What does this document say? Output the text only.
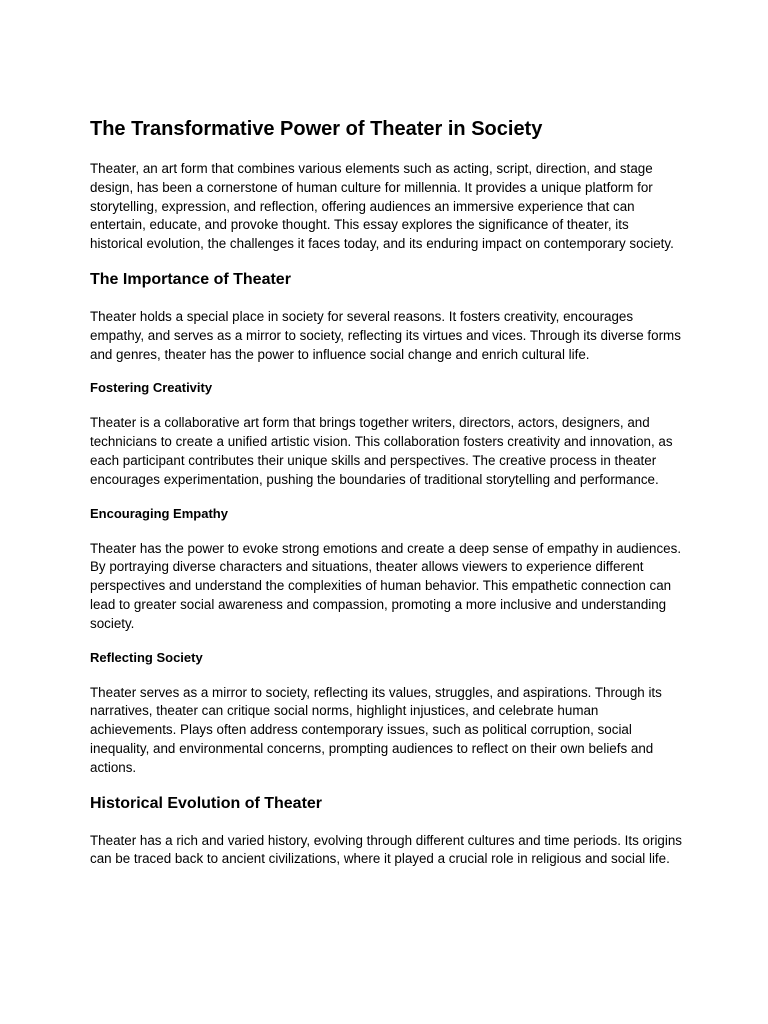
The Transformative Power of Theater in Society

Theater, an art form that combines various elements such as acting, script, direction, and stage design, has been a cornerstone of human culture for millennia. It provides a unique platform for storytelling, expression, and reflection, offering audiences an immersive experience that can entertain, educate, and provoke thought. This essay explores the significance of theater, its historical evolution, the challenges it faces today, and its enduring impact on contemporary society.

The Importance of Theater

Theater holds a special place in society for several reasons. It fosters creativity, encourages empathy, and serves as a mirror to society, reflecting its virtues and vices. Through its diverse forms and genres, theater has the power to influence social change and enrich cultural life.

Fostering Creativity

Theater is a collaborative art form that brings together writers, directors, actors, designers, and technicians to create a unified artistic vision. This collaboration fosters creativity and innovation, as each participant contributes their unique skills and perspectives. The creative process in theater encourages experimentation, pushing the boundaries of traditional storytelling and performance.

Encouraging Empathy

Theater has the power to evoke strong emotions and create a deep sense of empathy in audiences. By portraying diverse characters and situations, theater allows viewers to experience different perspectives and understand the complexities of human behavior. This empathetic connection can lead to greater social awareness and compassion, promoting a more inclusive and understanding society.

Reflecting Society

Theater serves as a mirror to society, reflecting its values, struggles, and aspirations. Through its narratives, theater can critique social norms, highlight injustices, and celebrate human achievements. Plays often address contemporary issues, such as political corruption, social inequality, and environmental concerns, prompting audiences to reflect on their own beliefs and actions.

Historical Evolution of Theater

Theater has a rich and varied history, evolving through different cultures and time periods. Its origins can be traced back to ancient civilizations, where it played a crucial role in religious and social life.
